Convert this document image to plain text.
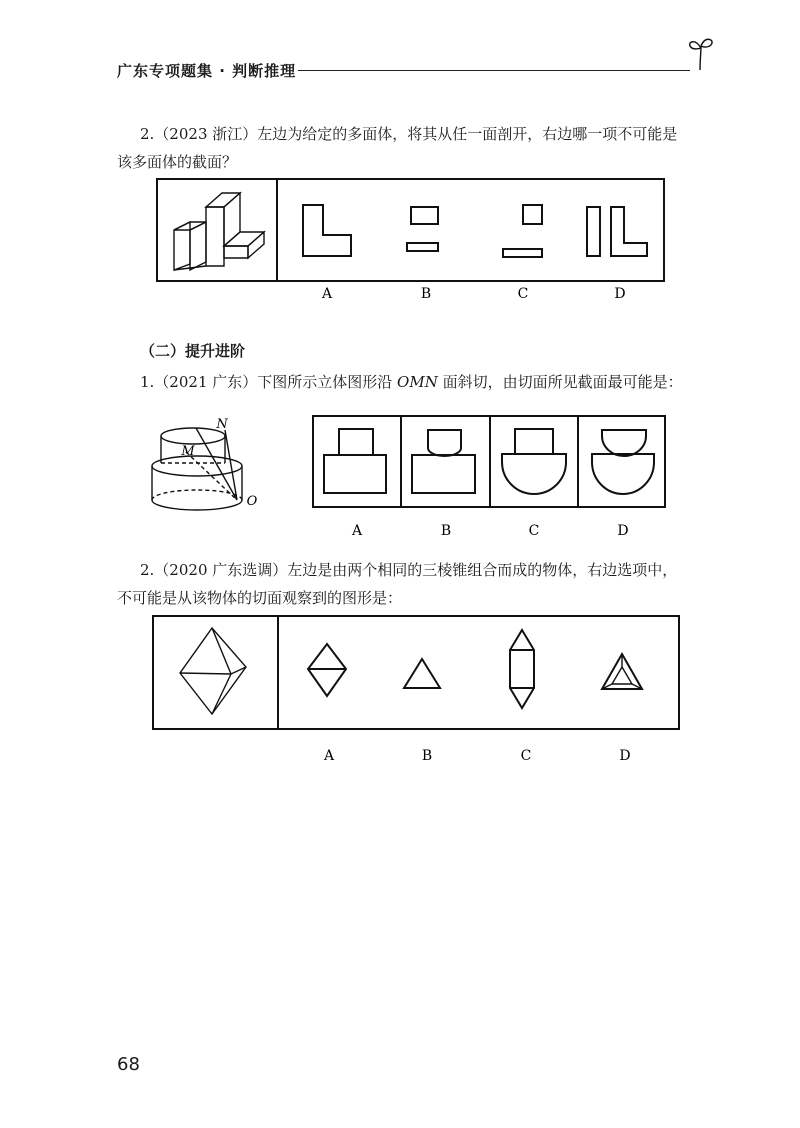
广东专项题集 · 判断推理
2.（2023 浙江）左边为给定的多面体，将其从任一面剖开，右边哪一项不可能是
该多面体的截面？
A	B	C	D
（二）提升进阶
1.（2021 广东）下图所示立体图形沿 OMN 面斜切，由切面所见截面最可能是：
N
M
O
A	B	C	D
2.（2020 广东选调）左边是由两个相同的三棱锥组合而成的物体，右边选项中，
不可能是从该物体的切面观察到的图形是：
A	B	C	D
68
